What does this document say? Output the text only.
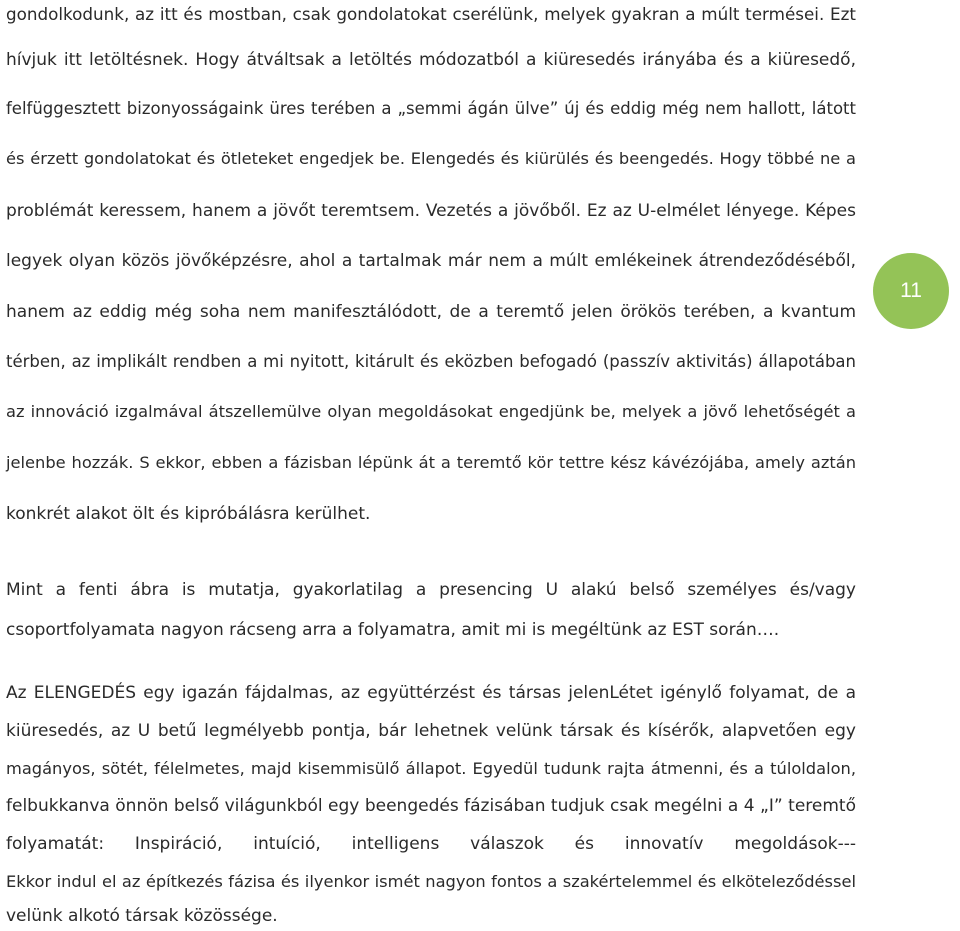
gondolkodunk, az itt és mostban, csak gondolatokat cserélünk, melyek gyakran a múlt termései. Ezt
hívjuk itt letöltésnek. Hogy átváltsak a letöltés módozatból a kiüresedés irányába és a kiüresedő,
felfüggesztett bizonyosságaink üres terében a „semmi ágán ülve” új és eddig még nem hallott, látott
és érzett gondolatokat és ötleteket engedjek be. Elengedés és kiürülés és beengedés. Hogy többé ne a
problémát keressem, hanem a jövőt teremtsem. Vezetés a jövőből. Ez az U-elmélet lényege. Képes
legyek olyan közös jövőképzésre, ahol a tartalmak már nem a múlt emlékeinek átrendeződéséből,
hanem az eddig még soha nem manifesztálódott, de a teremtő jelen örökös terében, a kvantum
térben, az implikált rendben a mi nyitott, kitárult és eközben befogadó (passzív aktivitás) állapotában
az innováció izgalmával átszellemülve olyan megoldásokat engedjünk be, melyek a jövő lehetőségét a
jelenbe hozzák. S ekkor, ebben a fázisban lépünk át a teremtő kör tettre kész kávézójába, amely aztán
konkrét alakot ölt és kipróbálásra kerülhet.
Mint a fenti ábra is mutatja, gyakorlatilag a presencing U alakú belső személyes és/vagy
csoportfolyamata nagyon rácseng arra a folyamatra, amit mi is megéltünk az EST során….
Az ELENGEDÉS egy igazán fájdalmas, az együttérzést és társas jelenLétet igénylő folyamat, de a
kiüresedés, az U betű legmélyebb pontja, bár lehetnek velünk társak és kísérők, alapvetően egy
magányos, sötét, félelmetes, majd kisemmisülő állapot. Egyedül tudunk rajta átmenni, és a túloldalon,
felbukkanva önnön belső világunkból egy beengedés fázisában tudjuk csak megélni a 4 „I” teremtő
folyamatát: Inspiráció, intuíció, intelligens válaszok és innovatív megoldások---
Ekkor indul el az építkezés fázisa és ilyenkor ismét nagyon fontos a szakértelemmel és elköteleződéssel
velünk alkotó társak közössége.
11
